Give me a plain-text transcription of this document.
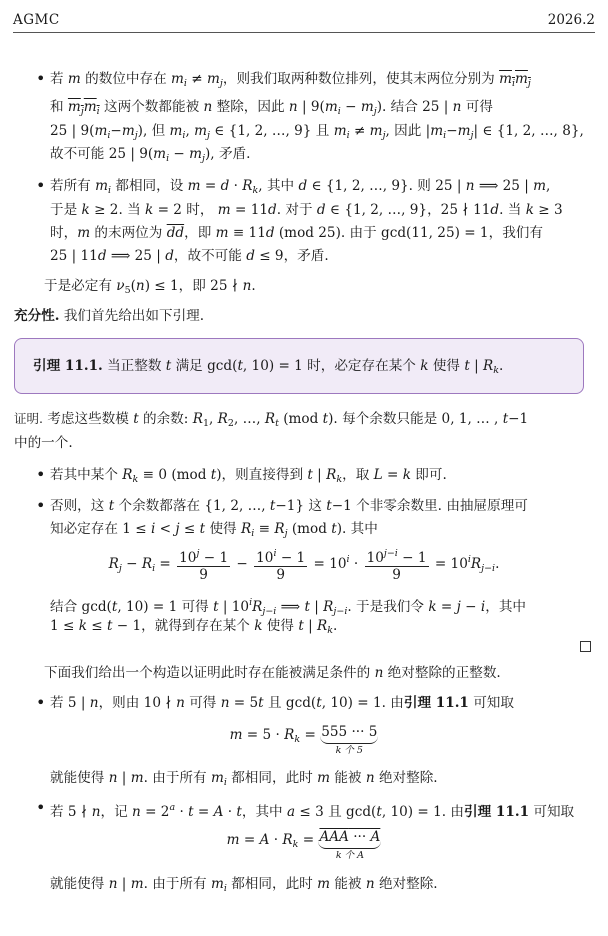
AGMC	2026.2
• 若 m 的数位中存在 $m_i \ne m_j$，则我们取两种数位排列，使其末两位分别为 $m_im_j$
和 $m_jm_i$ 这两个数都能被 n 整除，因此 n | $9(m_i - m_j)$. 结合 25 | n 可得
25 | $9(m_i-m_j)$, 但 $m_i$, $m_j$ ∈ {1, 2, …, 9} 且 $m_i \ne m_j$, 因此 $|m_i-m_j|$ ∈ {1, 2, …, 8},
故不可能 25 | $9(m_i - m_j)$, 矛盾.
• 若所有 $m_i$ 都相同，设 $m = d \cdot R_k$, 其中 d ∈ {1, 2, …, 9}. 则 25 | n ⟹ 25 | m,
于是 k ≥ 2. 当 k = 2 时， m = 11d. 对于 d ∈ {1, 2, …, 9}，25 ∤ 11d. 当 k ≥ 3
时，m 的末两位为 $\overline{dd}$，即 m ≡ 11d (mod 25). 由于 gcd(11, 25) = 1，我们有
25 | 11d ⟹ 25 | d，故不可能 d ≤ 9，矛盾.
于是必定有 $\nu_5(n) \le 1$，即 25 ∤ n.
充分性. 我们首先给出如下引理.
引理 11.1. 当正整数 t 满足 gcd(t, 10) = 1 时，必定存在某个 k 使得 t | $R_k$.
证明. 考虑这些数模 t 的余数: $R_1$, $R_2$, …, $R_t$ (mod t). 每个余数只能是 0, 1, … , t−1
中的一个.
• 若其中某个 $R_k \equiv 0$ (mod t)，则直接得到 t | $R_k$，取 L = k 即可.
• 否则，这 t 个余数都落在 {1, 2, …, t−1} 这 t−1 个非零余数里. 由抽屉原理可
知必定存在 1 ≤ i < j ≤ t 使得 $R_i \equiv R_j$ (mod t). 其中
$R_j - R_i = \frac{10^j - 1}{9} - \frac{10^i - 1}{9} = 10^i \cdot \frac{10^{j-i} - 1}{9} = 10^iR_{j-i}$.
结合 gcd(t, 10) = 1 可得 t | $10^iR_{j-i}$ ⟹ t | $R_{j-i}$. 于是我们令 k = j − i，其中
1 ≤ k ≤ t − 1，就得到存在某个 k 使得 t | $R_k$.
下面我们给出一个构造以证明此时存在能被满足条件的 n 绝对整除的正整数.
• 若 5 | n，则由 10 ∤ n 可得 n = 5t 且 gcd(t, 10) = 1. 由引理 11.1 可知取
$m = 5 \cdot R_k = 555$ ··· 5
k 个 5
就能使得 n | m. 由于所有 $m_i$ 都相同，此时 m 能被 n 绝对整除.
• 若 5 ∤ n，记 $n = 2^a \cdot t = A \cdot t$，其中 a ≤ 3 且 gcd(t, 10) = 1. 由引理 11.1 可知取
$m = A \cdot R_k$ = AAA ··· A
k 个 A
就能使得 n | m. 由于所有 $m_i$ 都相同，此时 m 能被 n 绝对整除.
